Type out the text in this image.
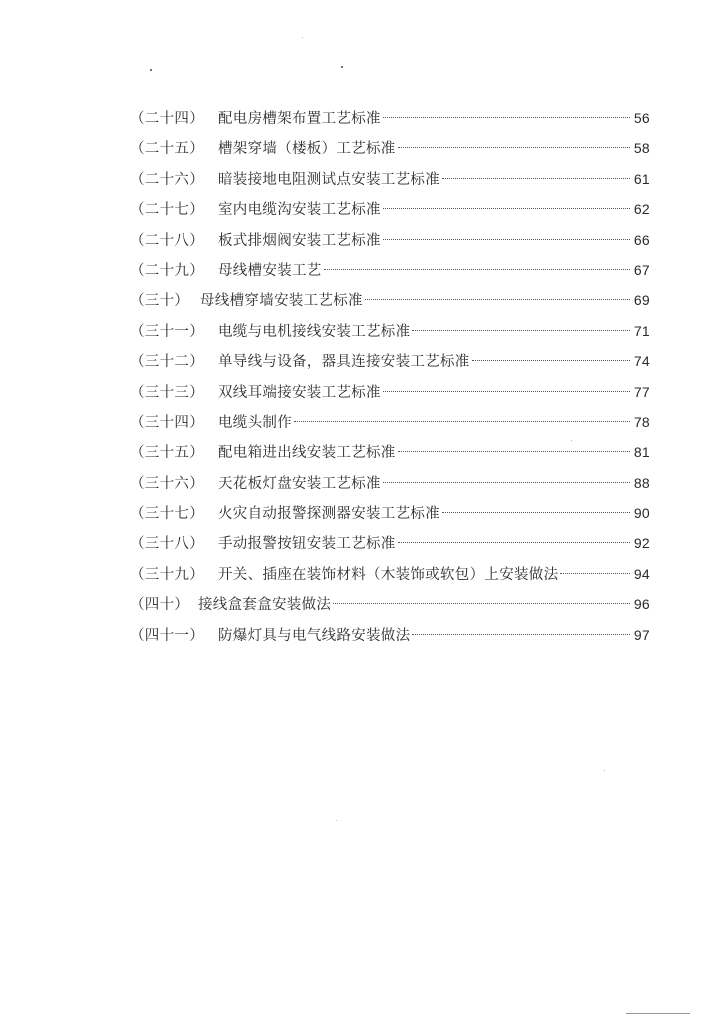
（二十四） 配电房槽架布置工艺标准	56
（二十五） 槽架穿墙（楼板）工艺标准	58
（二十六） 暗装接地电阻测试点安装工艺标准	61
（二十七） 室内电缆沟安装工艺标准	62
（二十八） 板式排烟阀安装工艺标准	66
（二十九） 母线槽安装工艺	67
（三十） 母线槽穿墙安装工艺标准	69
（三十一） 电缆与电机接线安装工艺标准	71
（三十二） 单导线与设备，器具连接安装工艺标准	74
（三十三） 双线耳端接安装工艺标准	77
（三十四） 电缆头制作	78
（三十五） 配电箱进出线安装工艺标准	81
（三十六） 天花板灯盘安装工艺标准	88
（三十七） 火灾自动报警探测器安装工艺标准	90
（三十八） 手动报警按钮安装工艺标准	92
（三十九） 开关、插座在装饰材料（木装饰或软包）上安装做法	94
（四十） 接线盒套盒安装做法	96
（四十一） 防爆灯具与电气线路安装做法	97
